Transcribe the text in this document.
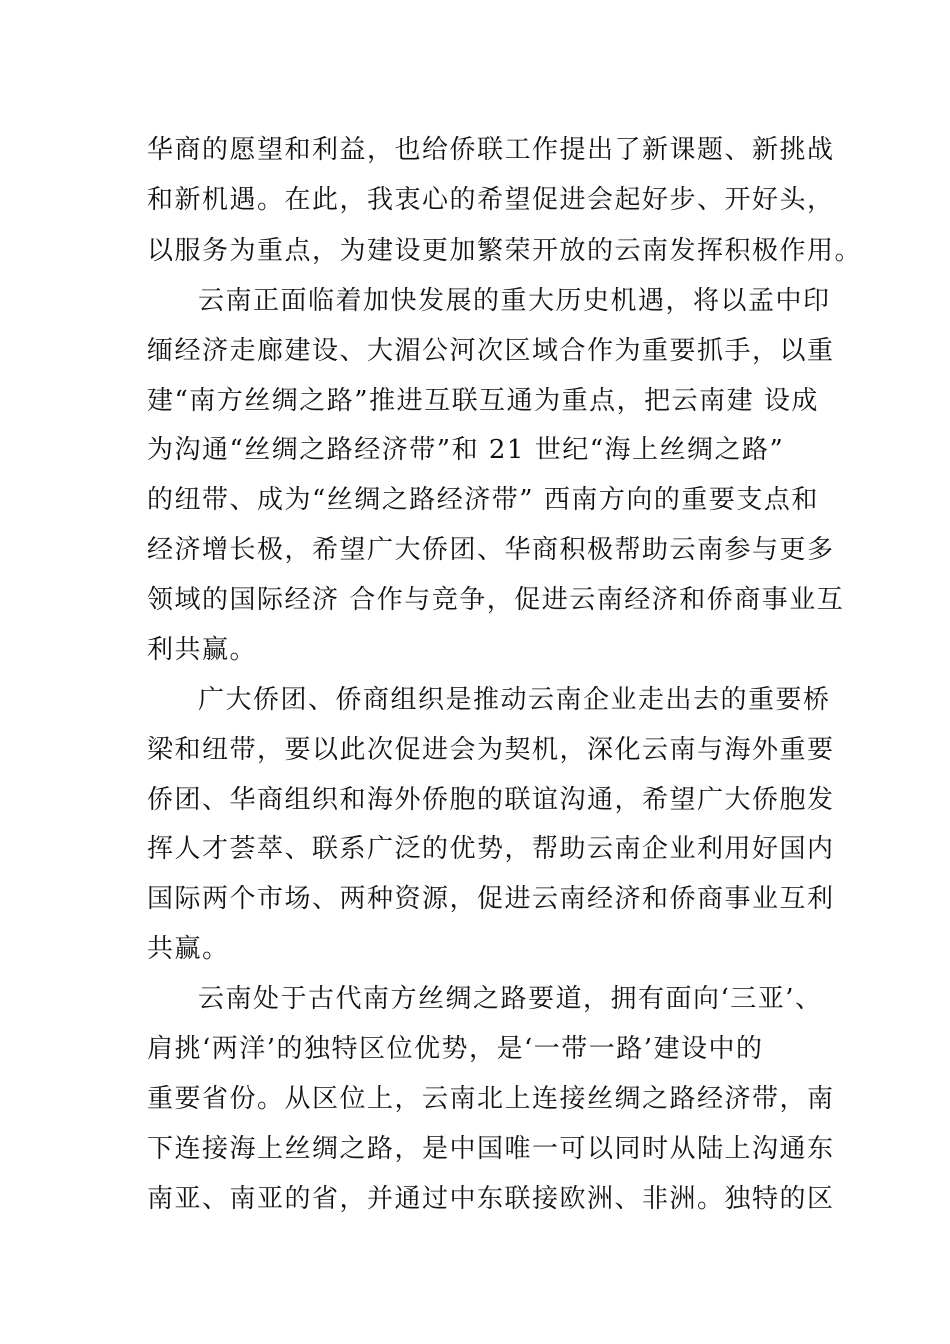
华商的愿望和利益，也给侨联工作提出了新课题、新挑战
和新机遇。在此，我衷心的希望促进会起好步、开好头，
以服务为重点，为建设更加繁荣开放的云南发挥积极作用。
云南正面临着加快发展的重大历史机遇，将以孟中印
缅经济走廊建设、大湄公河次区域合作为重要抓手，以重
建“南方丝绸之路”推进互联互通为重点，把云南建 设成
为沟通“丝绸之路经济带”和 21 世纪“海上丝绸之路”
的纽带、成为“丝绸之路经济带” 西南方向的重要支点和
经济增长极，希望广大侨团、华商积极帮助云南参与更多
领域的国际经济 合作与竞争，促进云南经济和侨商事业互
利共赢。
广大侨团、侨商组织是推动云南企业走出去的重要桥
梁和纽带，要以此次促进会为契机，深化云南与海外重要
侨团、华商组织和海外侨胞的联谊沟通，希望广大侨胞发
挥人才荟萃、联系广泛的优势，帮助云南企业利用好国内
国际两个市场、两种资源，促进云南经济和侨商事业互利
共赢。
云南处于古代南方丝绸之路要道，拥有面向‘三亚’、
肩挑‘两洋’的独特区位优势，是‘一带一路’建设中的
重要省份。从区位上，云南北上连接丝绸之路经济带，南
下连接海上丝绸之路，是中国唯一可以同时从陆上沟通东
南亚、南亚的省，并通过中东联接欧洲、非洲。独特的区
